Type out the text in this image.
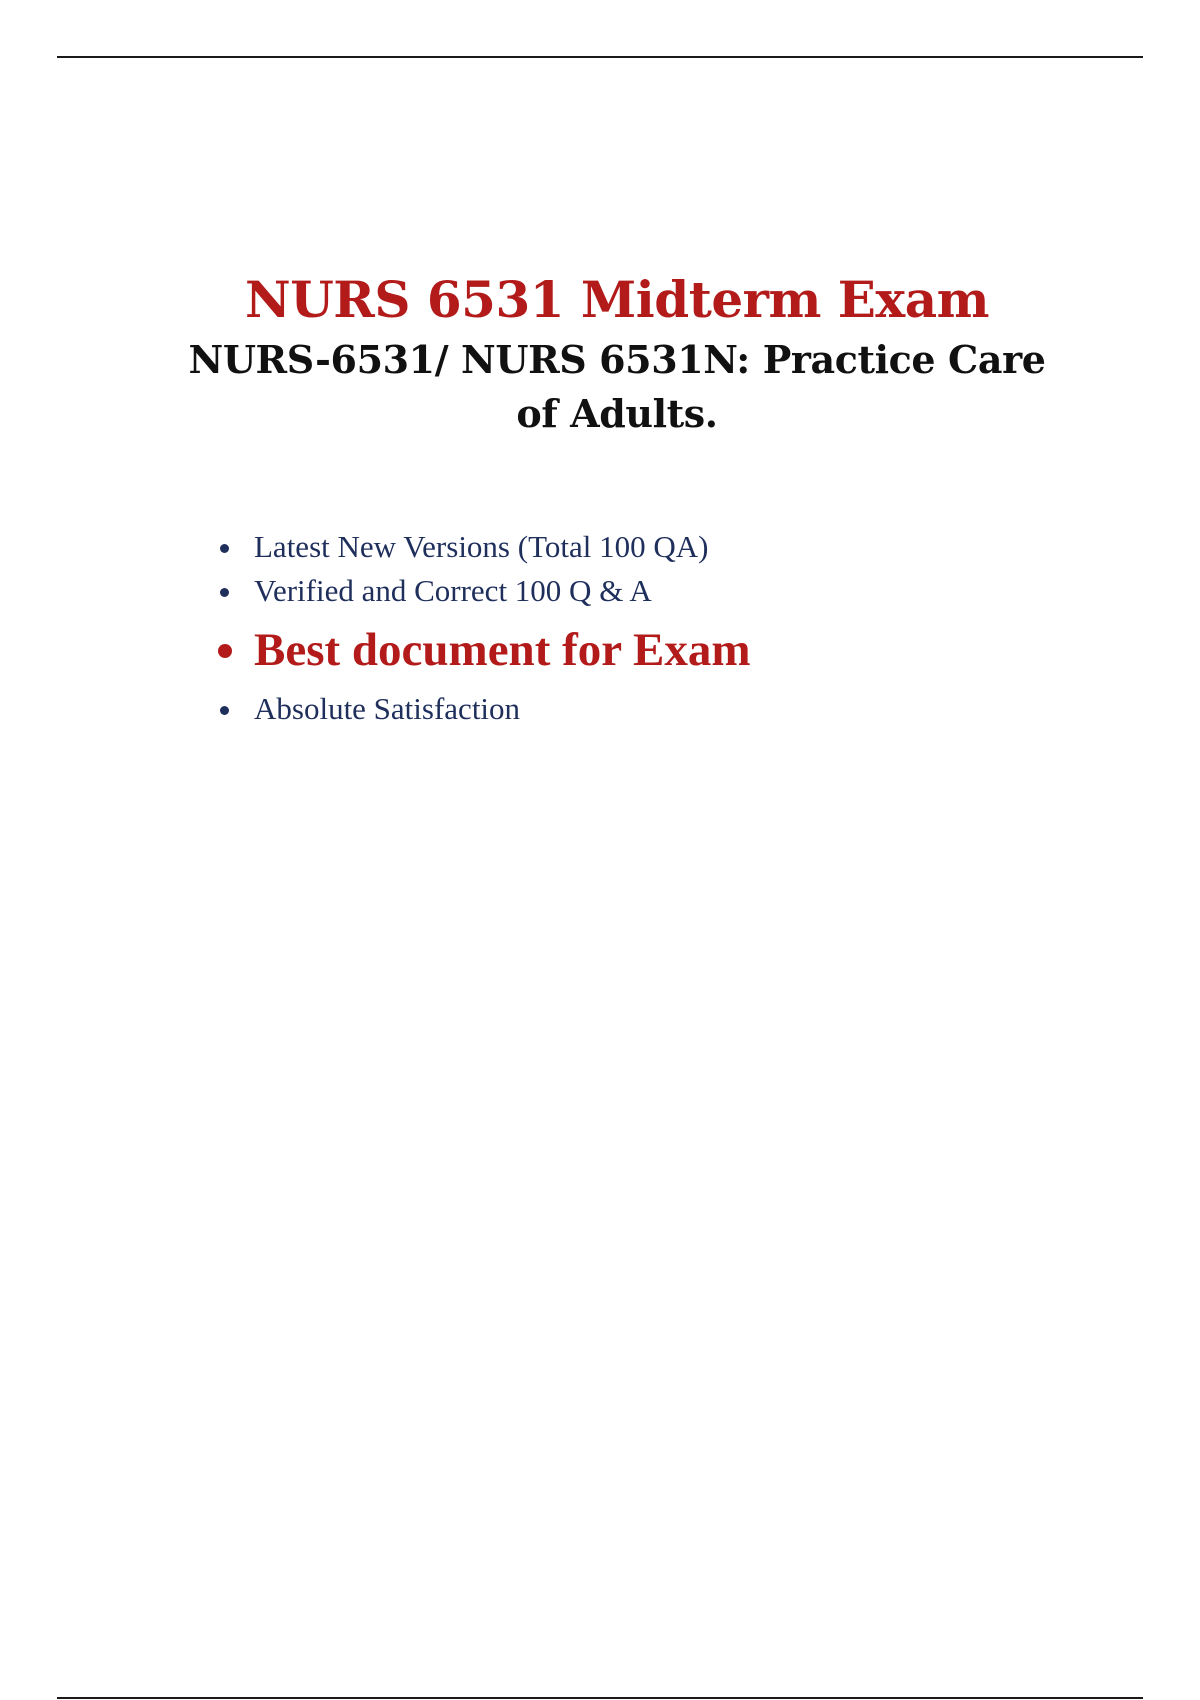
NURS 6531 Midterm Exam
NURS-6531/ NURS 6531N: Practice Care of Adults.
Latest New Versions (Total 100 QA)
Verified and Correct 100 Q & A
Best document for Exam
Absolute Satisfaction
